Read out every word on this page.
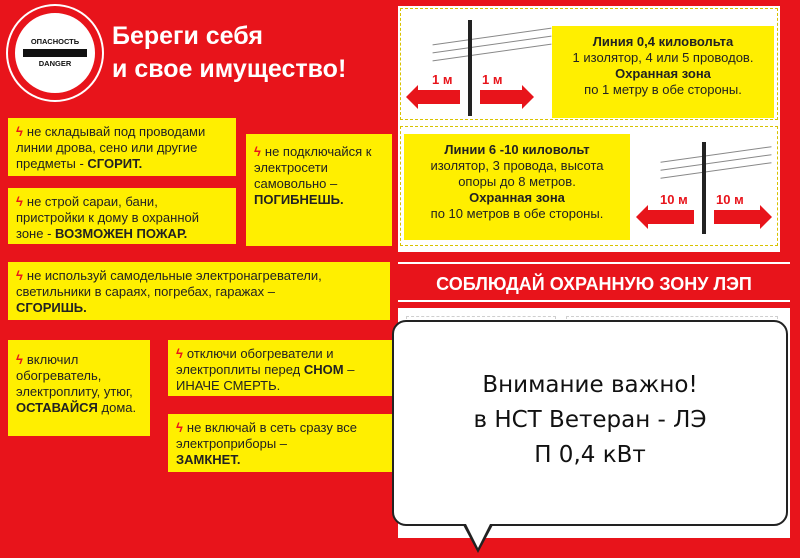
ОПАСНОСТЬ
DANGER
Береги себя
и свое имущество!
ϟ не складывай под проводами линии дрова, сено или другие предметы - СГОРИТ.
ϟ не подключайся к электросети самовольно –
ПОГИБНЕШЬ.
ϟ не строй сараи, бани, пристройки к дому в охранной зоне - ВОЗМОЖЕН ПОЖАР.
ϟ не используй самодельные электронагреватели, светильники в сараях, погребах, гаражах –
СГОРИШЬ.
ϟ включил обогреватель, электроплиту, утюг, ОСТАВАЙСЯ дома.
ϟ отключи обогреватели и электроплиты перед СНОМ – ИНАЧЕ СМЕРТЬ.
ϟ не включай в сеть сразу все электроприборы –
ЗАМКНЕТ.
1 м 1 м
Линия 0,4 киловольта
1 изолятор, 4 или 5 проводов.
Охранная зона
по 1 метру в обе стороны.
Линии 6 -10 киловольт
изолятор, 3 провода, высота опоры до 8 метров.
Охранная зона
по 10 метров в обе стороны.
10 м 10 м
СОБЛЮДАЙ ОХРАННУЮ ЗОНУ ЛЭП
Внимание важно!
в НСТ Ветеран - ЛЭ
П 0,4 кВт
